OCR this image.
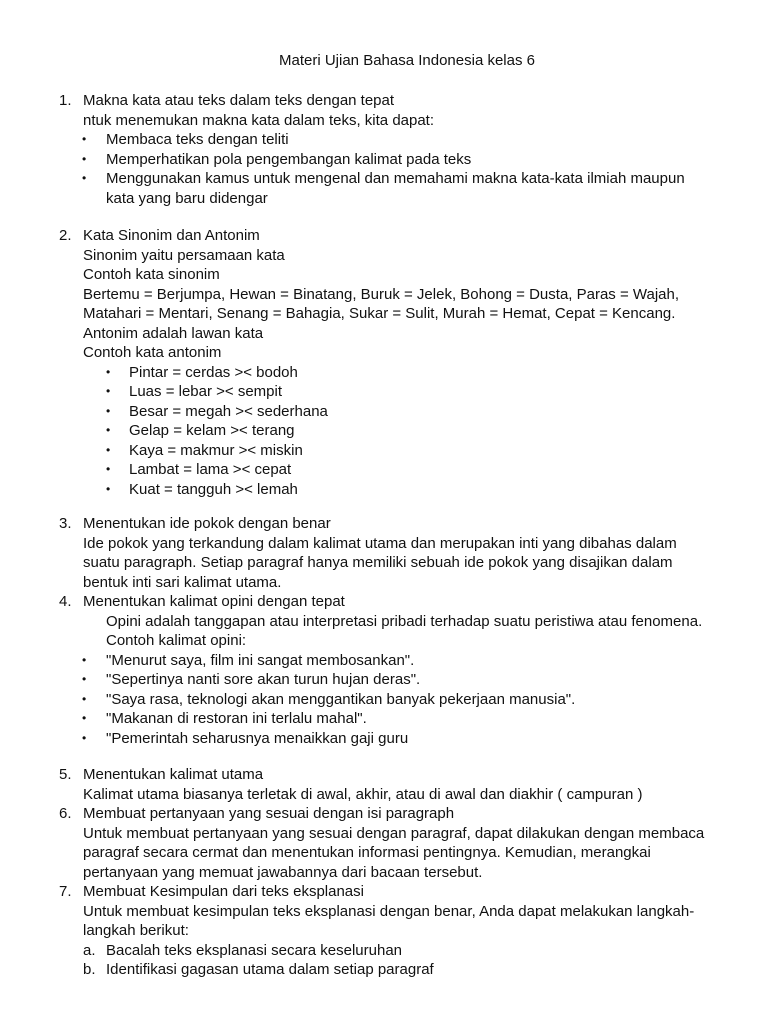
Materi Ujian Bahasa Indonesia kelas 6
1. Makna kata atau teks dalam teks dengan tepat
ntuk menemukan makna kata dalam teks, kita dapat:
• Membaca teks dengan teliti
• Memperhatikan pola pengembangan kalimat pada teks
• Menggunakan kamus untuk mengenal dan memahami makna kata-kata ilmiah maupun
kata yang baru didengar
2. Kata Sinonim dan Antonim
Sinonim yaitu persamaan kata
Contoh kata sinonim
Bertemu = Berjumpa, Hewan = Binatang, Buruk = Jelek, Bohong = Dusta, Paras = Wajah,
Matahari = Mentari, Senang = Bahagia, Sukar = Sulit, Murah = Hemat, Cepat = Kencang.
Antonim adalah lawan kata
Contoh kata antonim
• Pintar = cerdas >< bodoh
• Luas = lebar >< sempit
• Besar = megah >< sederhana
• Gelap = kelam >< terang
• Kaya = makmur >< miskin
• Lambat = lama >< cepat
• Kuat = tangguh >< lemah
3. Menentukan ide pokok dengan benar
Ide pokok yang terkandung dalam kalimat utama dan merupakan inti yang dibahas dalam
suatu paragraph. Setiap paragraf hanya memiliki sebuah ide pokok yang disajikan dalam
bentuk inti sari kalimat utama.
4. Menentukan kalimat opini dengan tepat
Opini adalah tanggapan atau interpretasi pribadi terhadap suatu peristiwa atau fenomena.
Contoh kalimat opini:
• "Menurut saya, film ini sangat membosankan".
• "Sepertinya nanti sore akan turun hujan deras".
• "Saya rasa, teknologi akan menggantikan banyak pekerjaan manusia".
• "Makanan di restoran ini terlalu mahal".
• "Pemerintah seharusnya menaikkan gaji guru
5. Menentukan kalimat utama
Kalimat utama biasanya terletak di awal, akhir, atau di awal dan diakhir ( campuran )
6. Membuat pertanyaan yang sesuai dengan isi paragraph
Untuk membuat pertanyaan yang sesuai dengan paragraf, dapat dilakukan dengan membaca
paragraf secara cermat dan menentukan informasi pentingnya. Kemudian, merangkai
pertanyaan yang memuat jawabannya dari bacaan tersebut.
7. Membuat Kesimpulan dari teks eksplanasi
Untuk membuat kesimpulan teks eksplanasi dengan benar, Anda dapat melakukan langkah-
langkah berikut:
a. Bacalah teks eksplanasi secara keseluruhan
b. Identifikasi gagasan utama dalam setiap paragraf
